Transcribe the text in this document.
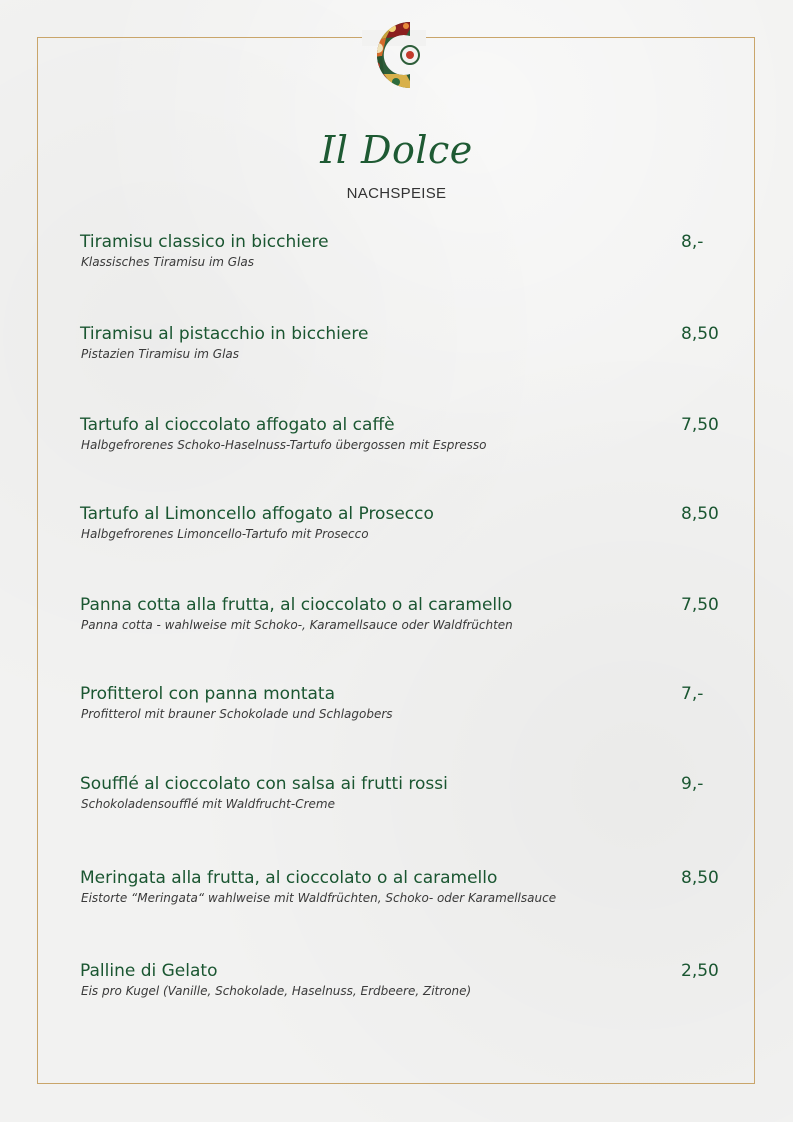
Il Dolce
NACHSPEISE
Tiramisu classico in bicchiere
Klassisches Tiramisu im Glas
8,-
Tiramisu al pistacchio in bicchiere
Pistazien Tiramisu im Glas
8,50
Tartufo al cioccolato affogato al caffè
Halbgefrorenes Schoko-Haselnuss-Tartufo übergossen mit Espresso
7,50
Tartufo al Limoncello affogato al Prosecco
Halbgefrorenes Limoncello-Tartufo mit Prosecco
8,50
Panna cotta alla frutta, al cioccolato o al caramello
Panna cotta - wahlweise mit Schoko-, Karamellsauce oder Waldfrüchten
7,50
Profitterol con panna montata
Profitterol mit brauner Schokolade und Schlagobers
7,-
Soufflé al cioccolato con salsa ai frutti rossi
Schokoladensoufflé mit Waldfrucht-Creme
9,-
Meringata alla frutta, al cioccolato o al caramello
Eistorte “Meringata“ wahlweise mit Waldfrüchten, Schoko- oder Karamellsauce
8,50
Palline di Gelato
Eis pro Kugel (Vanille, Schokolade, Haselnuss, Erdbeere, Zitrone)
2,50
